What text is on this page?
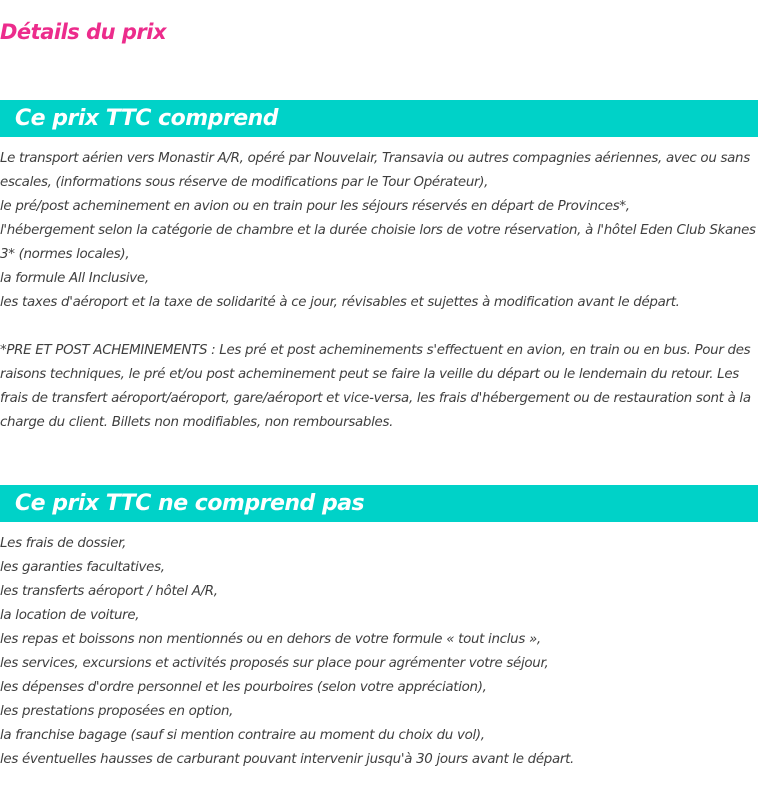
Détails du prix
Ce prix TTC comprend
Le transport aérien vers Monastir A/R, opéré par Nouvelair, Transavia ou autres compagnies aériennes, avec ou sans escales, (informations sous réserve de modifications par le Tour Opérateur),
le pré/post acheminement en avion ou en train pour les séjours réservés en départ de Provinces*,
l'hébergement selon la catégorie de chambre et la durée choisie lors de votre réservation, à l'hôtel Eden Club Skanes 3* (normes locales),
la formule All Inclusive,
les taxes d'aéroport et la taxe de solidarité à ce jour, révisables et sujettes à modification avant le départ.

*PRE ET POST ACHEMINEMENTS : Les pré et post acheminements s'effectuent en avion, en train ou en bus. Pour des raisons techniques, le pré et/ou post acheminement peut se faire la veille du départ ou le lendemain du retour. Les frais de transfert aéroport/aéroport, gare/aéroport et vice-versa, les frais d'hébergement ou de restauration sont à la charge du client. Billets non modifiables, non remboursables.

Ce prix TTC ne comprend pas
Les frais de dossier,
les garanties facultatives,
les transferts aéroport / hôtel A/R,
la location de voiture,
les repas et boissons non mentionnés ou en dehors de votre formule « tout inclus »,
les services, excursions et activités proposés sur place pour agrémenter votre séjour,
les dépenses d'ordre personnel et les pourboires (selon votre appréciation),
les prestations proposées en option,
la franchise bagage (sauf si mention contraire au moment du choix du vol),
les éventuelles hausses de carburant pouvant intervenir jusqu'à 30 jours avant le départ.
